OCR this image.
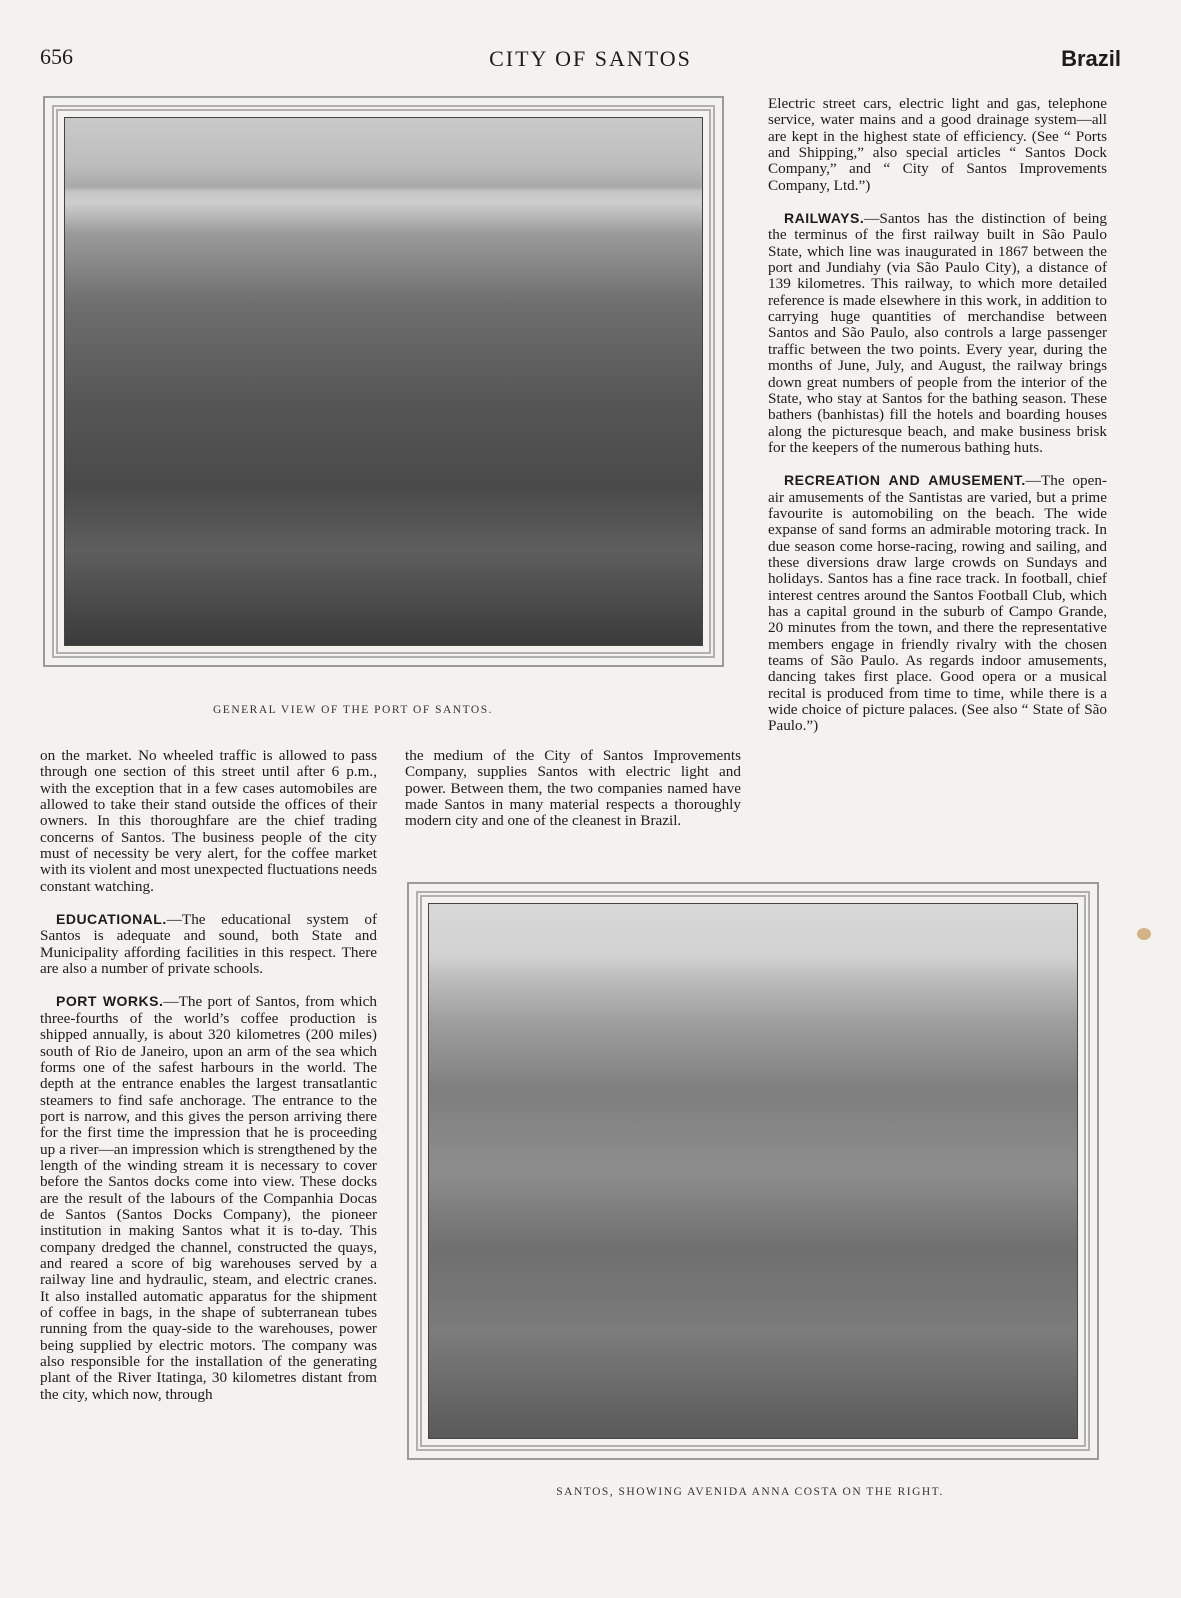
656	CITY OF SANTOS	Brazil
GENERAL VIEW OF THE PORT OF SANTOS.

Electric street cars, electric light and gas, telephone service, water mains and a good drainage system—all are kept in the highest state of efficiency. (See “ Ports and Shipping,” also special articles “ Santos Dock Company,” and “ City of Santos Improvements Company, Ltd.”)

RAILWAYS.—Santos has the distinction of being the terminus of the first railway built in São Paulo State, which line was inaugurated in 1867 between the port and Jundiahy (via São Paulo City), a distance of 139 kilometres. This railway, to which more detailed reference is made elsewhere in this work, in addition to carrying huge quantities of merchandise between Santos and São Paulo, also controls a large passenger traffic between the two points. Every year, during the months of June, July, and August, the railway brings down great numbers of people from the interior of the State, who stay at Santos for the bathing season. These bathers (banhistas) fill the hotels and boarding houses along the picturesque beach, and make business brisk for the keepers of the numerous bathing huts.

RECREATION AND AMUSEMENT.—The open-air amusements of the Santistas are varied, but a prime favourite is automobiling on the beach. The wide expanse of sand forms an admirable motoring track. In due season come horse-racing, rowing and sailing, and these diversions draw large crowds on Sundays and holidays. Santos has a fine race track. In football, chief interest centres around the Santos Football Club, which has a capital ground in the suburb of Campo Grande, 20 minutes from the town, and there the representative members engage in friendly rivalry with the chosen teams of São Paulo. As regards indoor amusements, dancing takes first place. Good opera or a musical recital is produced from time to time, while there is a wide choice of picture palaces. (See also “ State of São Paulo.”)

on the market. No wheeled traffic is allowed to pass through one section of this street until after 6 p.m., with the exception that in a few cases automobiles are allowed to take their stand outside the offices of their owners. In this thoroughfare are the chief trading concerns of Santos. The business people of the city must of necessity be very alert, for the coffee market with its violent and most unexpected fluctuations needs constant watching.

EDUCATIONAL.—The educational system of Santos is adequate and sound, both State and Municipality affording facilities in this respect. There are also a number of private schools.

PORT WORKS.—The port of Santos, from which three-fourths of the world’s coffee production is shipped annually, is about 320 kilometres (200 miles) south of Rio de Janeiro, upon an arm of the sea which forms one of the safest harbours in the world. The depth at the entrance enables the largest transatlantic steamers to find safe anchorage. The entrance to the port is narrow, and this gives the person arriving there for the first time the impression that he is proceeding up a river—an impression which is strengthened by the length of the winding stream it is necessary to cover before the Santos docks come into view. These docks are the result of the labours of the Companhia Docas de Santos (Santos Docks Company), the pioneer institution in making Santos what it is to-day. This company dredged the channel, constructed the quays, and reared a score of big warehouses served by a railway line and hydraulic, steam, and electric cranes. It also installed automatic apparatus for the shipment of coffee in bags, in the shape of subterranean tubes running from the quay-side to the warehouses, power being supplied by electric motors. The company was also responsible for the installation of the generating plant of the River Itatinga, 30 kilometres distant from the city, which now, through

the medium of the City of Santos Improvements Company, supplies Santos with electric light and power. Between them, the two companies named have made Santos in many material respects a thoroughly modern city and one of the cleanest in Brazil.

SANTOS, SHOWING AVENIDA ANNA COSTA ON THE RIGHT.
